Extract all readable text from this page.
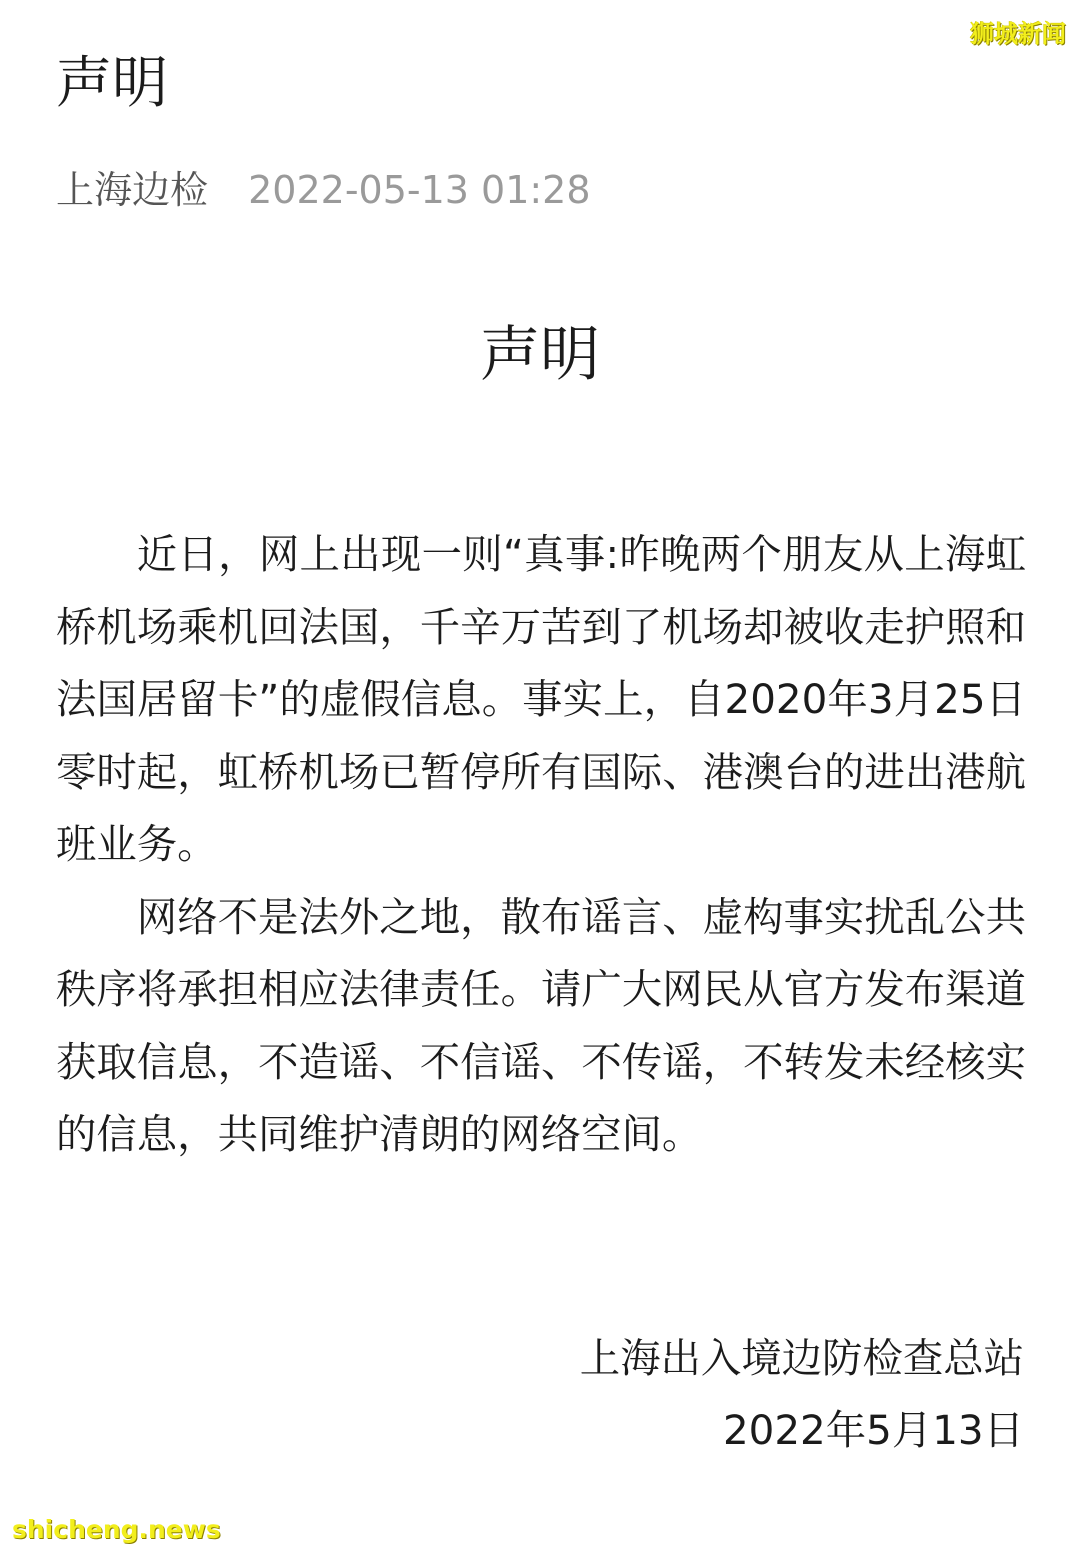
狮城新闻
声明
上海边检 2022-05-13 01:28
声明

近日，网上出现一则“真事:昨晚两个朋友从上海虹桥机场乘机回法国，千辛万苦到了机场却被收走护照和法国居留卡”的虚假信息。事实上，自2020年3月25日零时起，虹桥机场已暂停所有国际、港澳台的进出港航班业务。

网络不是法外之地，散布谣言、虚构事实扰乱公共秩序将承担相应法律责任。请广大网民从官方发布渠道获取信息，不造谣、不信谣、不传谣，不转发未经核实的信息，共同维护清朗的网络空间。

上海出入境边防检查总站
2022年5月13日
shicheng.news
